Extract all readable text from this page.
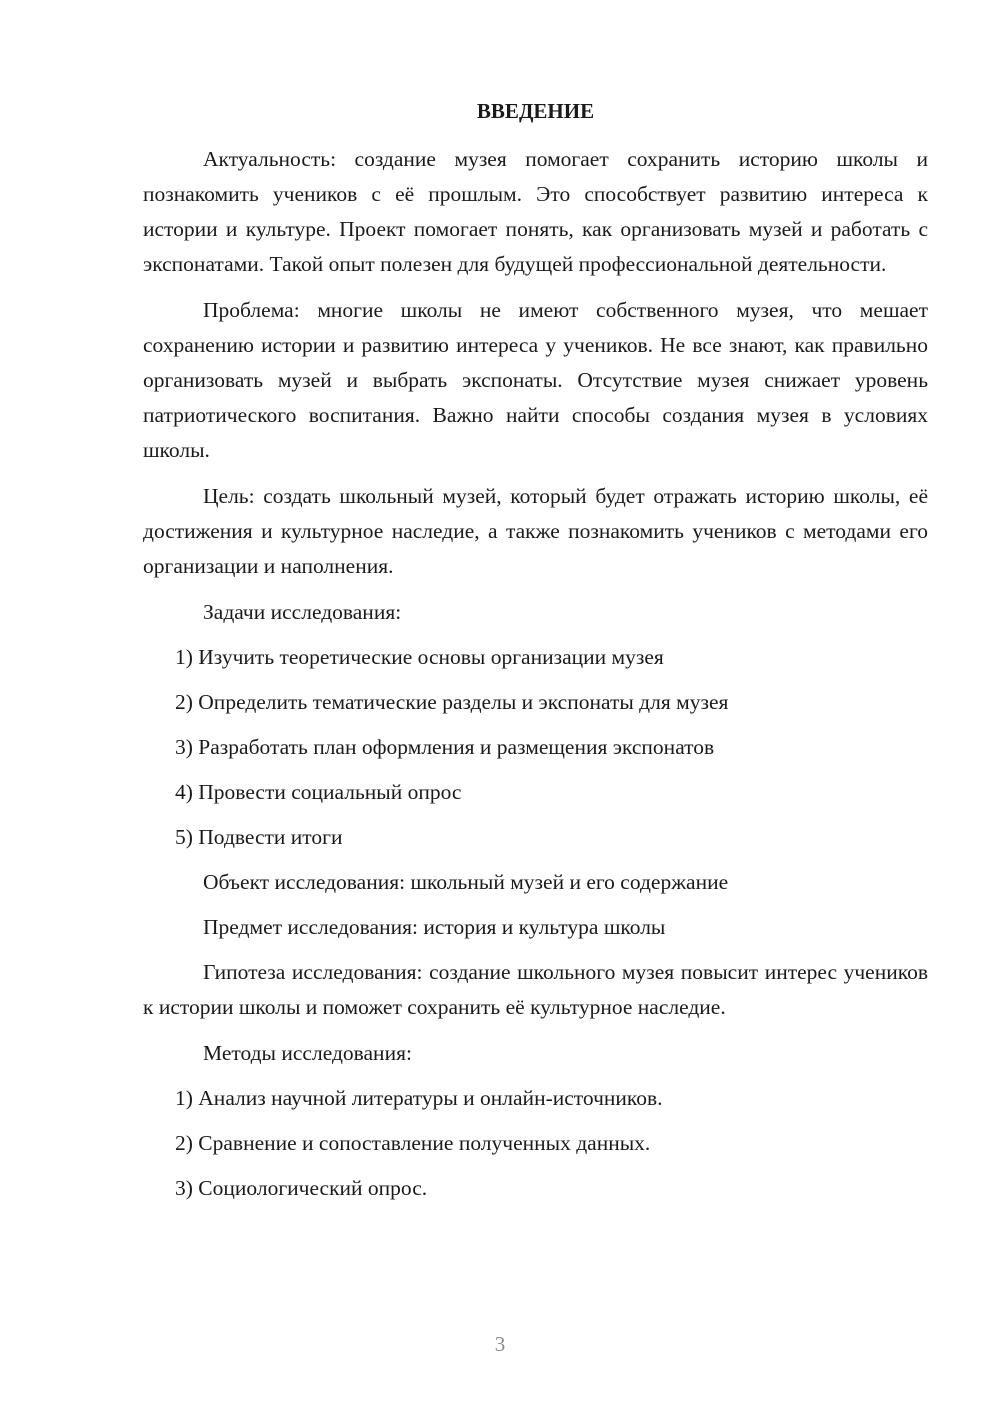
ВВЕДЕНИЕ

Актуальность: создание музея помогает сохранить историю школы и познакомить учеников с её прошлым. Это способствует развитию интереса к истории и культуре. Проект помогает понять, как организовать музей и работать с экспонатами. Такой опыт полезен для будущей профессиональной деятельности.

Проблема: многие школы не имеют собственного музея, что мешает сохранению истории и развитию интереса у учеников. Не все знают, как правильно организовать музей и выбрать экспонаты. Отсутствие музея снижает уровень патриотического воспитания. Важно найти способы создания музея в условиях школы.

Цель: создать школьный музей, который будет отражать историю школы, её достижения и культурное наследие, а также познакомить учеников с методами его организации и наполнения.

Задачи исследования:
1) Изучить теоретические основы организации музея
2) Определить тематические разделы и экспонаты для музея
3) Разработать план оформления и размещения экспонатов
4) Провести социальный опрос
5) Подвести итоги
Объект исследования: школьный музей и его содержание
Предмет исследования: история и культура школы

Гипотеза исследования: создание школьного музея повысит интерес учеников к истории школы и поможет сохранить её культурное наследие.

Методы исследования:
1) Анализ научной литературы и онлайн-источников.
2) Сравнение и сопоставление полученных данных.
3) Социологический опрос.
3
